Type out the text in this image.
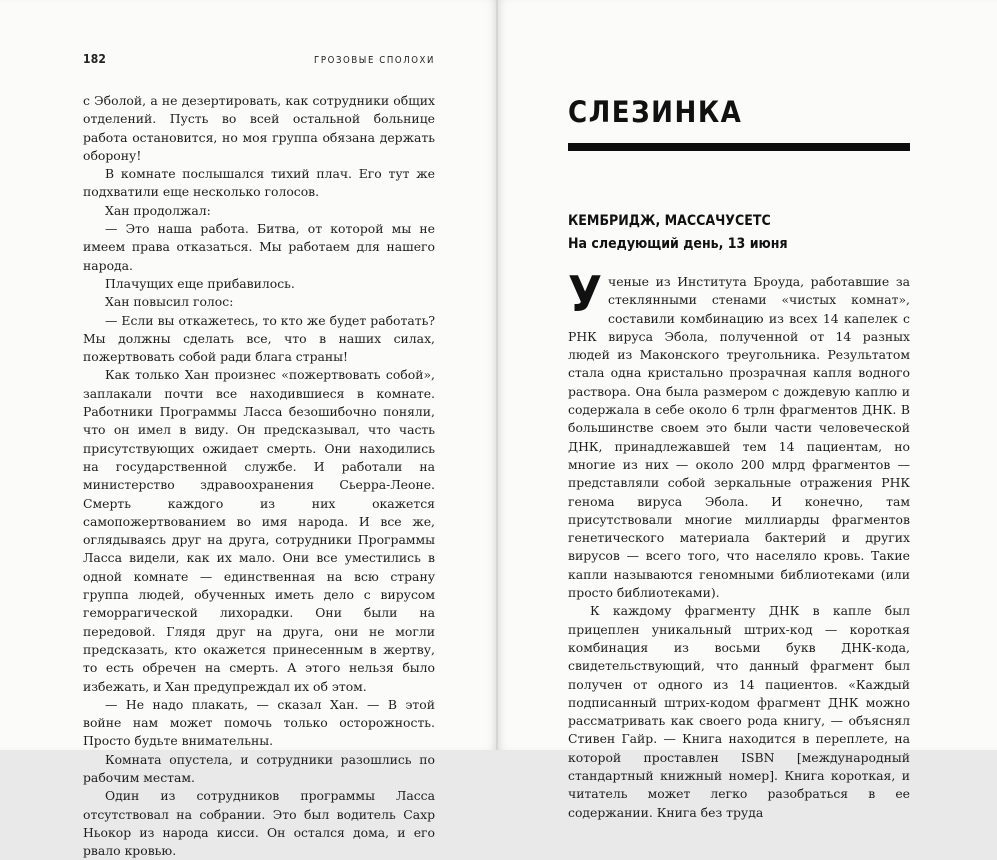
182	ГРОЗОВЫЕ СПОЛОХИ

с Эболой, а не дезертировать, как сотрудники общих отделений. Пусть во всей остальной больнице работа остановится, но моя группа обязана держать оборону!

В комнате послышался тихий плач. Его тут же подхватили еще несколько голосов.

Хан продолжал:

— Это наша работа. Битва, от которой мы не имеем права отказаться. Мы работаем для нашего народа.

Плачущих еще прибавилось.

Хан повысил голос:

— Если вы откажетесь, то кто же будет работать? Мы должны сделать все, что в наших силах, пожертвовать собой ради блага страны!

Как только Хан произнес «пожертвовать собой», заплакали почти все находившиеся в комнате. Работники Программы Ласса безошибочно поняли, что он имел в виду. Он предсказывал, что часть присутствующих ожидает смерть. Они находились на государственной службе. И работали на министерство здравоохранения Сьерра-Леоне. Смерть каждого из них окажется самопожертвованием во имя народа. И все же, оглядываясь друг на друга, сотрудники Программы Ласса видели, как их мало. Они все уместились в одной комнате — единственная на всю страну группа людей, обученных иметь дело с вирусом геморрагической лихорадки. Они были на передовой. Глядя друг на друга, они не могли предсказать, кто окажется принесенным в жертву, то есть обречен на смерть. А этого нельзя было избежать, и Хан предупреждал их об этом.

— Не надо плакать, — сказал Хан. — В этой войне нам может помочь только осторожность. Просто будьте внимательны.

Комната опустела, и сотрудники разошлись по рабочим местам.

Один из сотрудников программы Ласса отсутствовал на собрании. Это был водитель Сахр Ньокор из народа кисси. Он остался дома, и его рвало кровью.

СЛЕЗИНКА
КЕМБРИДЖ, МАССАЧУСЕТС
На следующий день, 13 июня

Ученые из Института Броуда, работавшие за стеклянными стенами «чистых комнат», составили комбинацию из всех 14 капелек с РНК вируса Эбола, полученной от 14 разных людей из Маконского треугольника. Результатом стала одна кристально прозрачная капля водного раствора. Она была размером с дождевую каплю и содержала в себе около 6 трлн фрагментов ДНК. В большинстве своем это были части человеческой ДНК, принадлежавшей тем 14 пациентам, но многие из них — около 200 млрд фрагментов — представляли собой зеркальные отражения РНК генома вируса Эбола. И конечно, там присутствовали многие миллиарды фрагментов генетического материала бактерий и других вирусов — всего того, что населяло кровь. Такие капли называются геномными библиотеками (или просто библиотеками).

К каждому фрагменту ДНК в капле был прицеплен уникальный штрих-код — короткая комбинация из восьми букв ДНК-кода, свидетельствующий, что данный фрагмент был получен от одного из 14 пациентов. «Каждый подписанный штрих-кодом фрагмент ДНК можно рассматривать как своего рода книгу, — объяснял Стивен Гайр. — Книга находится в переплете, на которой проставлен ISBN [международный стандартный книжный номер]. Книга короткая, и читатель может легко разобраться в ее содержании. Книга без труда
